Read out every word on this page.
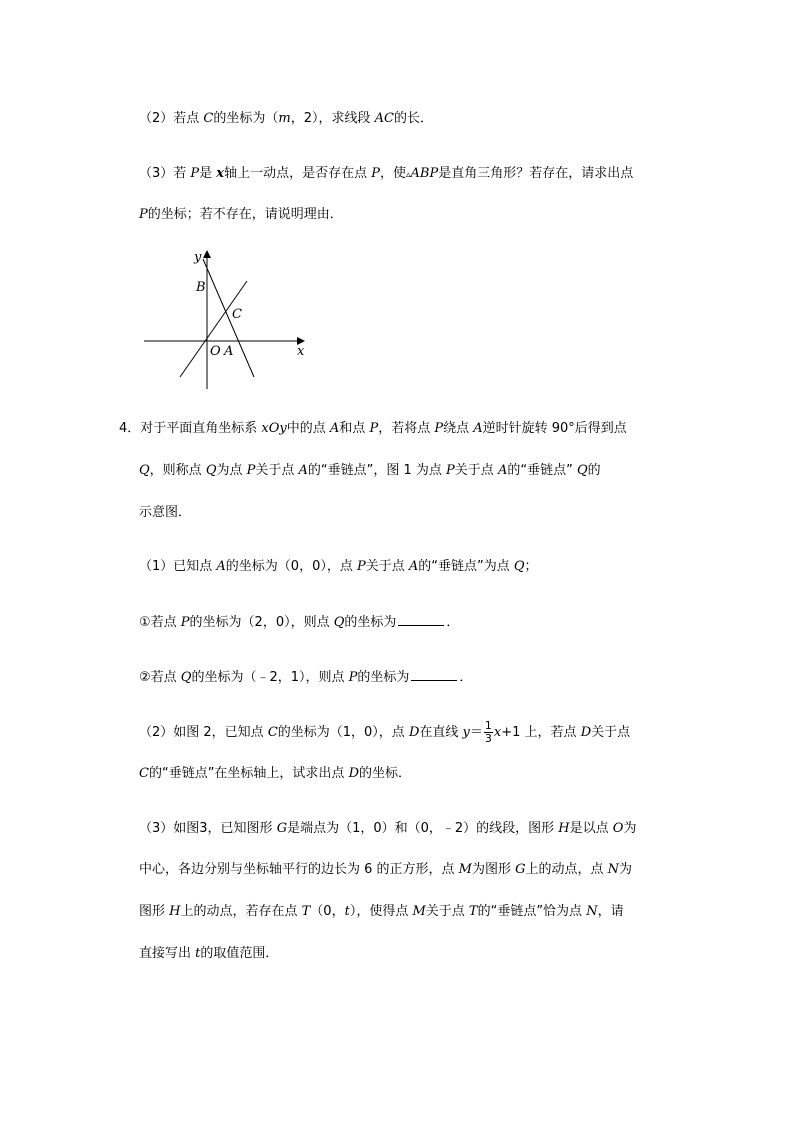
（2）若点 C的坐标为（m，2），求线段 AC的长．
（3）若 P是 x轴上一动点，是否存在点 P，使▵ABP是直角三角形？若存在，请求出点
P的坐标；若不存在，请说明理由．
y
B
C
O A	x
4．对于平面直角坐标系 xOy中的点 A和点 P，若将点 P绕点 A逆时针旋转 90°后得到点
Q，则称点 Q为点 P关于点 A的“垂链点”，图 1 为点 P关于点 A的“垂链点” Q的
示意图．
（1）已知点 A的坐标为（0，0），点 P关于点 A的“垂链点”为点 Q；
①若点 P的坐标为（2，0），则点 Q的坐标为	．
②若点 Q的坐标为（﹣2，1），则点 P的坐标为	．
（2）如图 2，已知点 C的坐标为（1，0），点 D在直线 $y= \frac{1}{3} x+1$ 上，若点 D关于点
C的“垂链点”在坐标轴上，试求出点 D的坐标．
（3）如图3，已知图形 G是端点为（1，0）和（0，﹣2）的线段，图形 H是以点 O为
中心，各边分别与坐标轴平行的边长为 6 的正方形，点 M为图形 G上的动点，点 N为
图形 H上的动点，若存在点 T（0，t），使得点 M关于点 T的“垂链点”恰为点 N，请
直接写出 t的取值范围．
